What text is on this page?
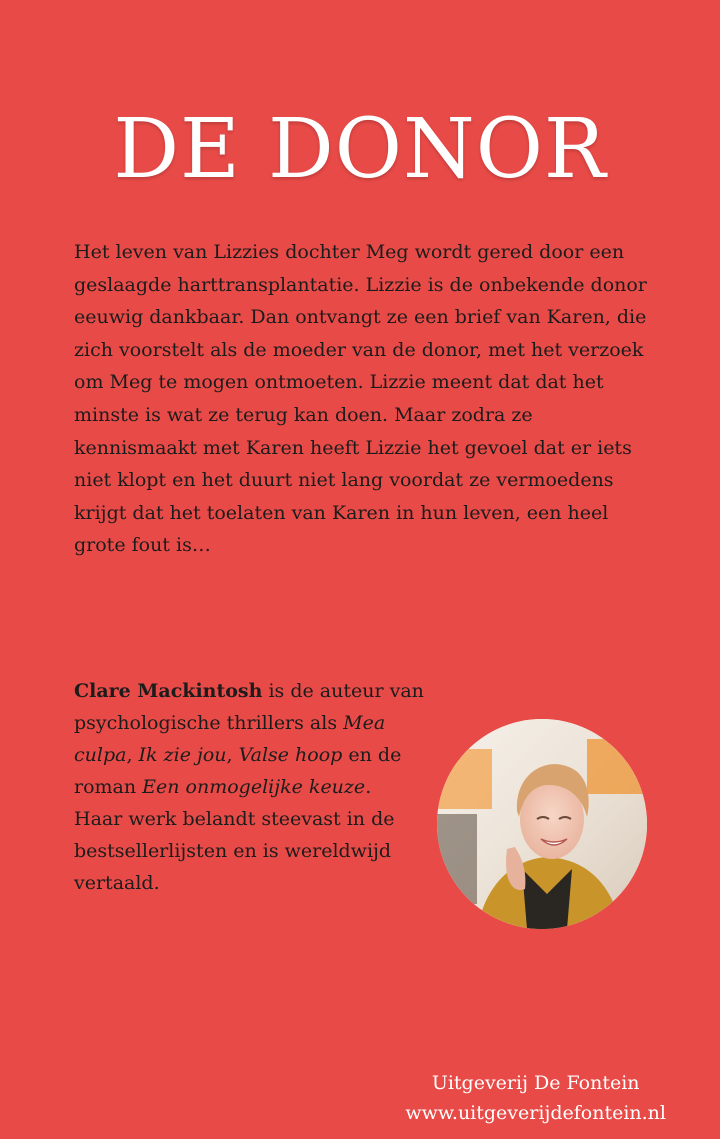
DE DONOR

Het leven van Lizzies dochter Meg wordt gered door een geslaagde harttransplantatie. Lizzie is de onbekende donor eeuwig dankbaar. Dan ontvangt ze een brief van Karen, die zich voorstelt als de moeder van de donor, met het verzoek om Meg te mogen ontmoeten. Lizzie meent dat dat het minste is wat ze terug kan doen. Maar zodra ze kennismaakt met Karen heeft Lizzie het gevoel dat er iets niet klopt en het duurt niet lang voordat ze vermoedens krijgt dat het toelaten van Karen in hun leven, een heel grote fout is…

Clare Mackintosh is de auteur van psychologische thrillers als Mea culpa, Ik zie jou, Valse hoop en de roman Een onmogelijke keuze.
Haar werk belandt steevast in de bestsellerlijsten en is wereldwijd vertaald.

Uitgeverij De Fontein
www.uitgeverijdefontein.nl
